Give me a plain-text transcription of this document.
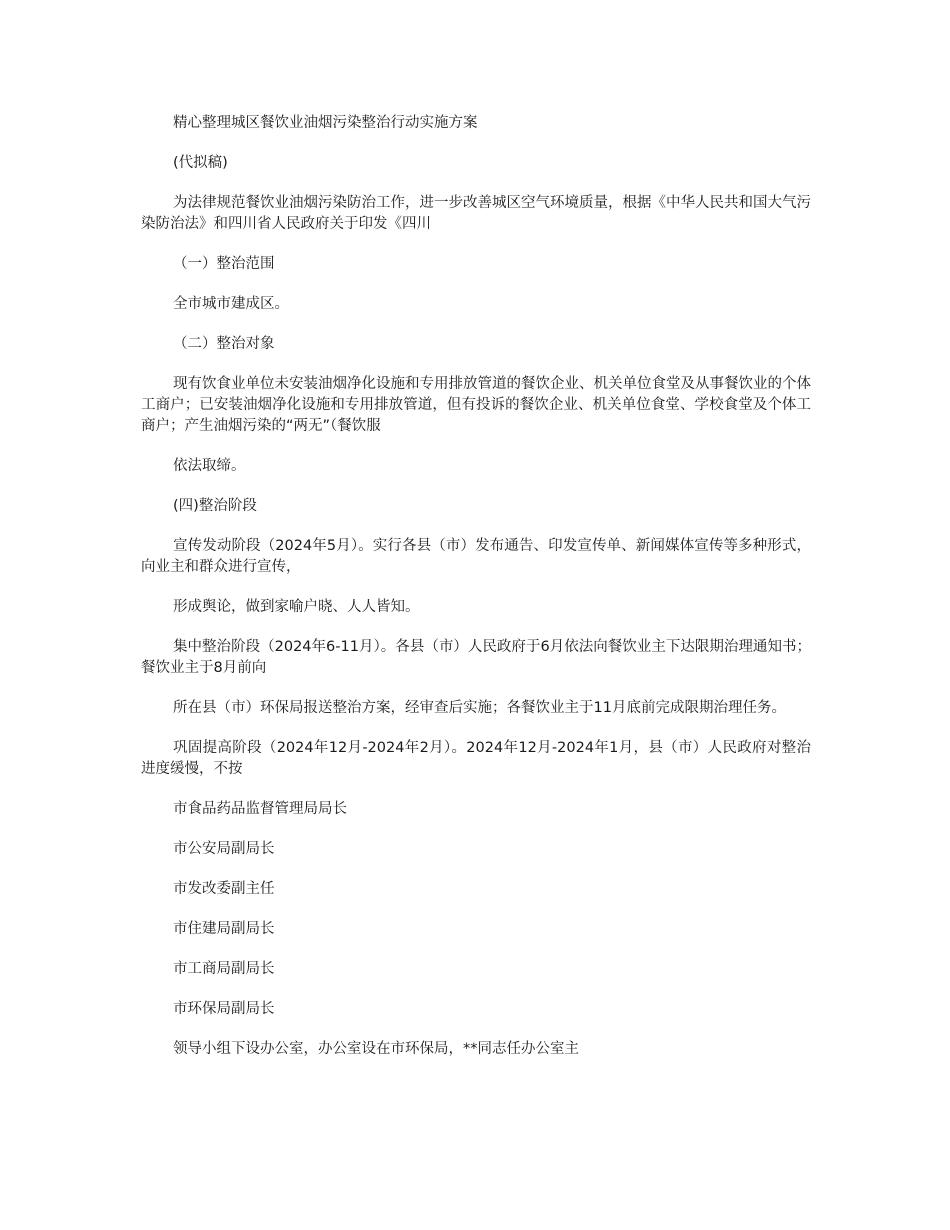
精心整理城区餐饮业油烟污染整治行动实施方案

(代拟稿)

为法律规范餐饮业油烟污染防治工作，进一步改善城区空气环境质量，根据《中华人民共和国大气污染防治法》和四川省人民政府关于印发《四川

（一）整治范围

全市城市建成区。

（二）整治对象

现有饮食业单位未安装油烟净化设施和专用排放管道的餐饮企业、机关单位食堂及从事餐饮业的个体工商户；已安装油烟净化设施和专用排放管道，但有投诉的餐饮企业、机关单位食堂、学校食堂及个体工商户；产生油烟污染的“两无”（餐饮服

依法取缔。

(四)整治阶段

宣传发动阶段（2024年5月）。实行各县（市）发布通告、印发宣传单、新闻媒体宣传等多种形式，向业主和群众进行宣传，

形成舆论，做到家喻户晓、人人皆知。

集中整治阶段（2024年6-11月）。各县（市）人民政府于6月依法向餐饮业主下达限期治理通知书；餐饮业主于8月前向

所在县（市）环保局报送整治方案，经审查后实施；各餐饮业主于11月底前完成限期治理任务。

巩固提高阶段（2024年12月-2024年2月）。2024年12月-2024年1月，县（市）人民政府对整治进度缓慢，不按

市食品药品监督管理局局长

市公安局副局长

市发改委副主任

市住建局副局长

市工商局副局长

市环保局副局长

领导小组下设办公室，办公室设在市环保局，**同志任办公室主
